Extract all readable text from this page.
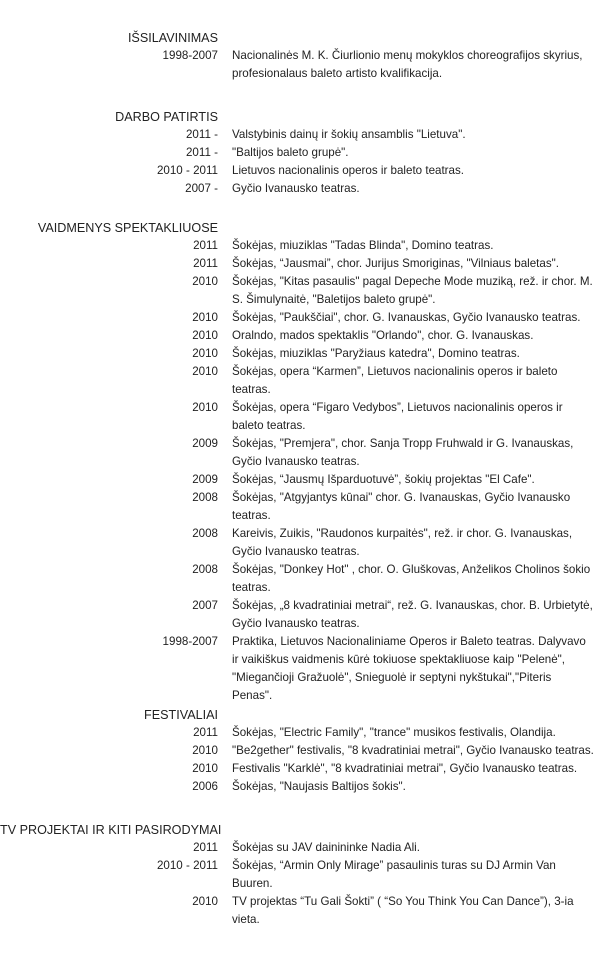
IŠSILAVINIMAS
1998-2007 Nacionalinės M. K. Čiurlionio menų mokyklos choreografijos skyrius, profesionalaus baleto artisto kvalifikacija.
DARBO PATIRTIS
2011 - Valstybinis dainų ir šokių ansamblis "Lietuva".
2011 - "Baltijos baleto grupė".
2010 - 2011 Lietuvos nacionalinis operos ir baleto teatras.
2007 - Gyčio Ivanausko teatras.
VAIDMENYS SPEKTAKLIUOSE
2011 Šokėjas, miuziklas "Tadas Blinda", Domino teatras.
2011 Šokėjas, “Jausmai”, chor. Jurijus Smoriginas, "Vilniaus baletas".
2010 Šokėjas, "Kitas pasaulis" pagal Depeche Mode muziką, rež. ir chor. M. S. Šimulynaitė, "Baletijos baleto grupė".
2010 Šokėjas, "Paukščiai", chor. G. Ivanauskas, Gyčio Ivanausko teatras.
2010 Oralndo, mados spektaklis "Orlando", chor. G. Ivanauskas.
2010 Šokėjas, miuziklas "Paryžiaus katedra", Domino teatras.
2010 Šokėjas, opera “Karmen”, Lietuvos nacionalinis operos ir baleto teatras.
2010 Šokėjas, opera “Figaro Vedybos”, Lietuvos nacionalinis operos ir baleto teatras.
2009 Šokėjas, "Premjera", chor. Sanja Tropp Fruhwald ir G. Ivanauskas, Gyčio Ivanausko teatras.
2009 Šokėjas, “Jausmų Išparduotuvė”, šokių projektas "El Cafe".
2008 Šokėjas, "Atgyjantys kūnai" chor. G. Ivanauskas, Gyčio Ivanausko teatras.
2008 Kareivis, Zuikis, "Raudonos kurpaitės", rež. ir chor. G. Ivanauskas, Gyčio Ivanausko teatras.
2008 Šokėjas, "Donkey Hot" , chor. O. Gluškovas, Anželikos Cholinos šokio teatras.
2007 Šokėjas, „8 kvadratiniai metrai“, rež. G. Ivanauskas, chor. B. Urbietytė, Gyčio Ivanausko teatras.
1998-2007 Praktika, Lietuvos Nacionaliniame Operos ir Baleto teatras. Dalyvavo ir vaikiškus vaidmenis kūrė tokiuose spektakliuose kaip "Pelenė", "Miegančioji Gražuolė", Snieguolė ir septyni nykštukai","Piteris Penas".
FESTIVALIAI
2011 Šokėjas, "Electric Family", "trance" musikos festivalis, Olandija.
2010 "Be2gether" festivalis, "8 kvadratiniai metrai", Gyčio Ivanausko teatras.
2010 Festivalis "Karklė", "8 kvadratiniai metrai", Gyčio Ivanausko teatras.
2006 Šokėjas, "Naujasis Baltijos šokis".
TV PROJEKTAI IR KITI PASIRODYMAI
2011 Šokėjas su JAV dainininke Nadia Ali.
2010 - 2011 Šokėjas, “Armin Only Mirage” pasaulinis turas su DJ Armin Van Buuren.
2010 TV projektas “Tu Gali Šokti” ( “So You Think You Can Dance”), 3-ia vieta.
